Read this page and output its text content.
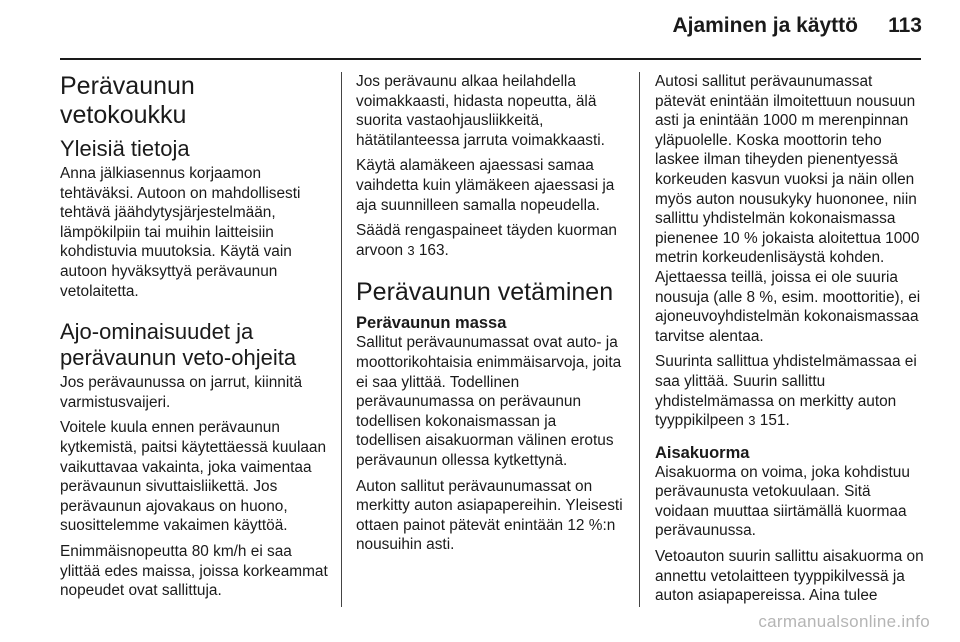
Ajaminen ja käyttö 113
Perävaunun
vetokoukku
Yleisiä tietoja

Anna jälkiasennus korjaamon tehtäväksi. Autoon on mahdollisesti tehtävä jäähdytysjärjestelmään, lämpökilpiin tai muihin laitteisiin kohdistuvia muutoksia. Käytä vain autoon hyväksyttyä perävaunun vetolaitetta.

Ajo-ominaisuudet ja
perävaunun veto-ohjeita

Jos perävaunussa on jarrut, kiinnitä varmistusvaijeri.

Voitele kuula ennen perävaunun kytkemistä, paitsi käytettäessä kuulaan vaikuttavaa vakainta, joka vaimentaa perävaunun sivuttaisliikettä. Jos perävaunun ajovakaus on huono, suosittelemme vakaimen käyttöä.

Enimmäisnopeutta 80 km/h ei saa ylittää edes maissa, joissa korkeammat nopeudet ovat sallittuja.

Jos perävaunu alkaa heilahdella voimakkaasti, hidasta nopeutta, älä suorita vastaohjausliikkeitä, hätätilanteessa jarruta voimakkaasti.

Käytä alamäkeen ajaessasi samaa vaihdetta kuin ylämäkeen ajaessasi ja aja suunnilleen samalla nopeudella.

Säädä rengaspaineet täyden kuorman arvoon 3 163.

Perävaunun vetäminen
Perävaunun massa

Sallitut perävaunumassat ovat auto- ja moottorikohtaisia enimmäisarvoja, joita ei saa ylittää. Todellinen perävaunumassa on perävaunun todellisen kokonaismassan ja todellisen aisakuorman välinen erotus perävaunun ollessa kytkettynä.

Auton sallitut perävaunumassat on merkitty auton asiapapereihin. Yleisesti ottaen painot pätevät enintään 12 %:n nousuihin asti.

Autosi sallitut perävaunumassat pätevät enintään ilmoitettuun nousuun asti ja enintään 1000 m merenpinnan yläpuolelle. Koska moottorin teho laskee ilman tiheyden pienentyessä korkeuden kasvun vuoksi ja näin ollen myös auton nousukyky huononee, niin sallittu yhdistelmän kokonaismassa pienenee 10 % jokaista aloitettua 1000 metrin korkeudenlisäystä kohden. Ajettaessa teillä, joissa ei ole suuria nousuja (alle 8 %, esim. moottoritie), ei ajoneuvoyhdistelmän kokonaismassaa tarvitse alentaa.

Suurinta sallittua yhdistelmämassaa ei saa ylittää. Suurin sallittu yhdistelmämassa on merkitty auton tyyppikilpeen 3 151.

Aisakuorma

Aisakuorma on voima, joka kohdistuu perävaunusta vetokuulaan. Sitä voidaan muuttaa siirtämällä kuormaa perävaunussa.

Vetoauton suurin sallittu aisakuorma on annettu vetolaitteen tyyppikilvessä ja auton asiapapereissa. Aina tulee

carmanualsonline.info
